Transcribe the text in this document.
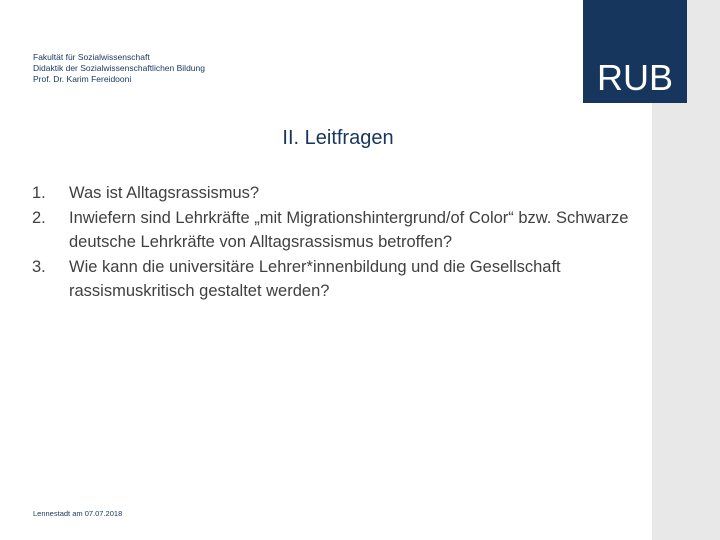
Fakultät für Sozialwissenschaft
Didaktik der Sozialwissenschaftlichen Bildung
Prof. Dr. Karim Fereidooni
II. Leitfragen
1.	Was ist Alltagsrassismus?
2.	Inwiefern sind Lehrkräfte „mit Migrationshintergrund/of Color“ bzw. Schwarze deutsche Lehrkräfte von Alltagsrassismus betroffen?
3.	Wie kann die universitäre Lehrer*innenbildung und die Gesellschaft rassismuskritisch gestaltet werden?
Lennestadt am 07.07.2018
RUB
